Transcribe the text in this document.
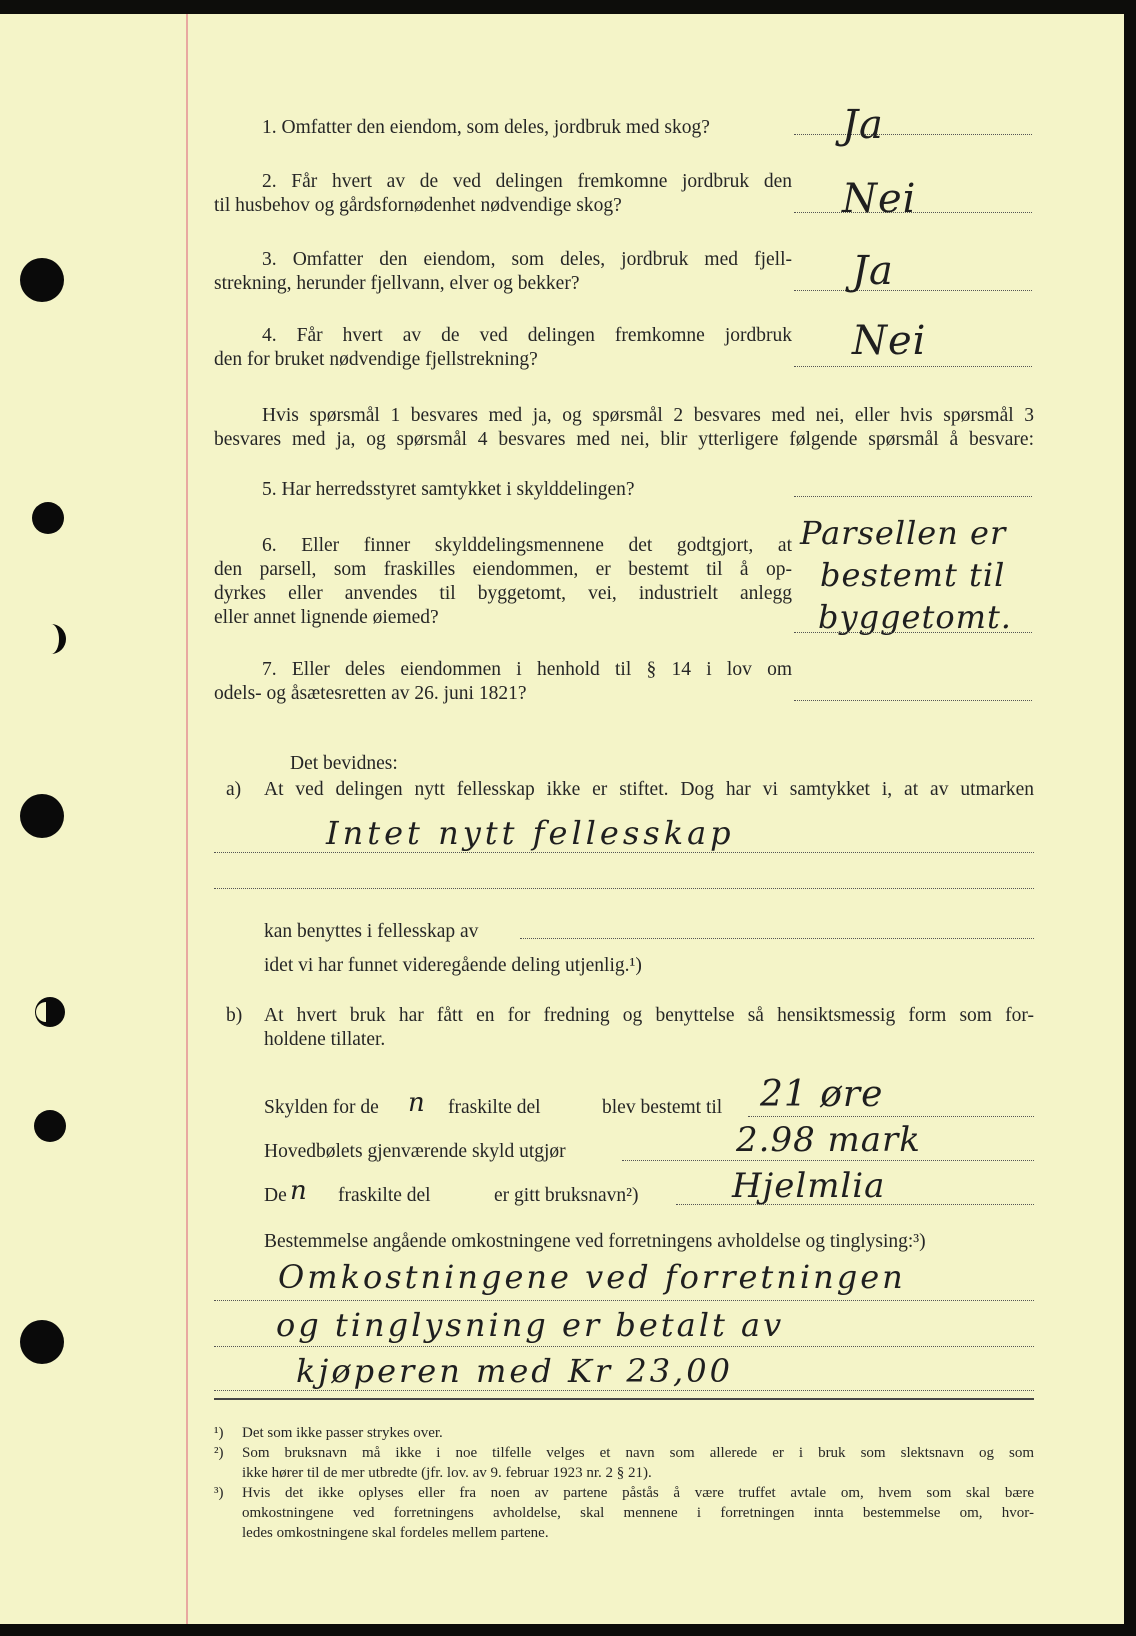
1. Omfatter den eiendom, som deles, jordbruk med skog?	Ja
2. Får hvert av de ved delingen fremkomne jordbruk den
til husbehov og gårdsfornødenhet nødvendige skog?	Nei
3. Omfatter den eiendom, som deles, jordbruk med fjell-
strekning, herunder fjellvann, elver og bekker?	Ja
4. Får hvert av de ved delingen fremkomne jordbruk
den for bruket nødvendige fjellstrekning?	Nei
Hvis spørsmål 1 besvares med ja, og spørsmål 2 besvares med nei, eller hvis spørsmål 3
besvares med ja, og spørsmål 4 besvares med nei, blir ytterligere følgende spørsmål å besvare:
5. Har herredsstyret samtykket i skylddelingen?
6. Eller finner skylddelingsmennene det godtgjort, at
den parsell, som fraskilles eiendommen, er bestemt til å op-
dyrkes eller anvendes til byggetomt, vei, industrielt anlegg
eller annet lignende øiemed?
Parsellen er
bestemt til
byggetomt.
7. Eller deles eiendommen i henhold til § 14 i lov om
odels- og åsætesretten av 26. juni 1821?
Det bevidnes:
a) At ved delingen nytt fellesskap ikke er stiftet. Dog har vi samtykket i, at av utmarken
Intet nytt fellesskap
kan benyttes i fellesskap av
idet vi har funnet videregående deling utjenlig.¹)
b) At hvert bruk har fått en for fredning og benyttelse så hensiktsmessig form som for-
holdene tillater.
Skylden for de n fraskilte del	blev bestemt til 21 øre
Hovedbølets gjenværende skyld utgjør	2.98 mark
De n fraskilte del	er gitt bruksnavn²)	Hjelmlia
Bestemmelse angående omkostningene ved forretningens avholdelse og tinglysing:³)
Omkostningene ved forretningen
og tinglysning er betalt av
kjøperen med Kr 23,00
¹) Det som ikke passer strykes over.
²) Som bruksnavn må ikke i noe tilfelle velges et navn som allerede er i bruk som slektsnavn og som
ikke hører til de mer utbredte (jfr. lov. av 9. februar 1923 nr. 2 § 21).
³) Hvis det ikke oplyses eller fra noen av partene påstås å være truffet avtale om, hvem som skal bære
omkostningene ved forretningens avholdelse, skal mennene i forretningen innta bestemmelse om, hvor-
ledes omkostningene skal fordeles mellem partene.
